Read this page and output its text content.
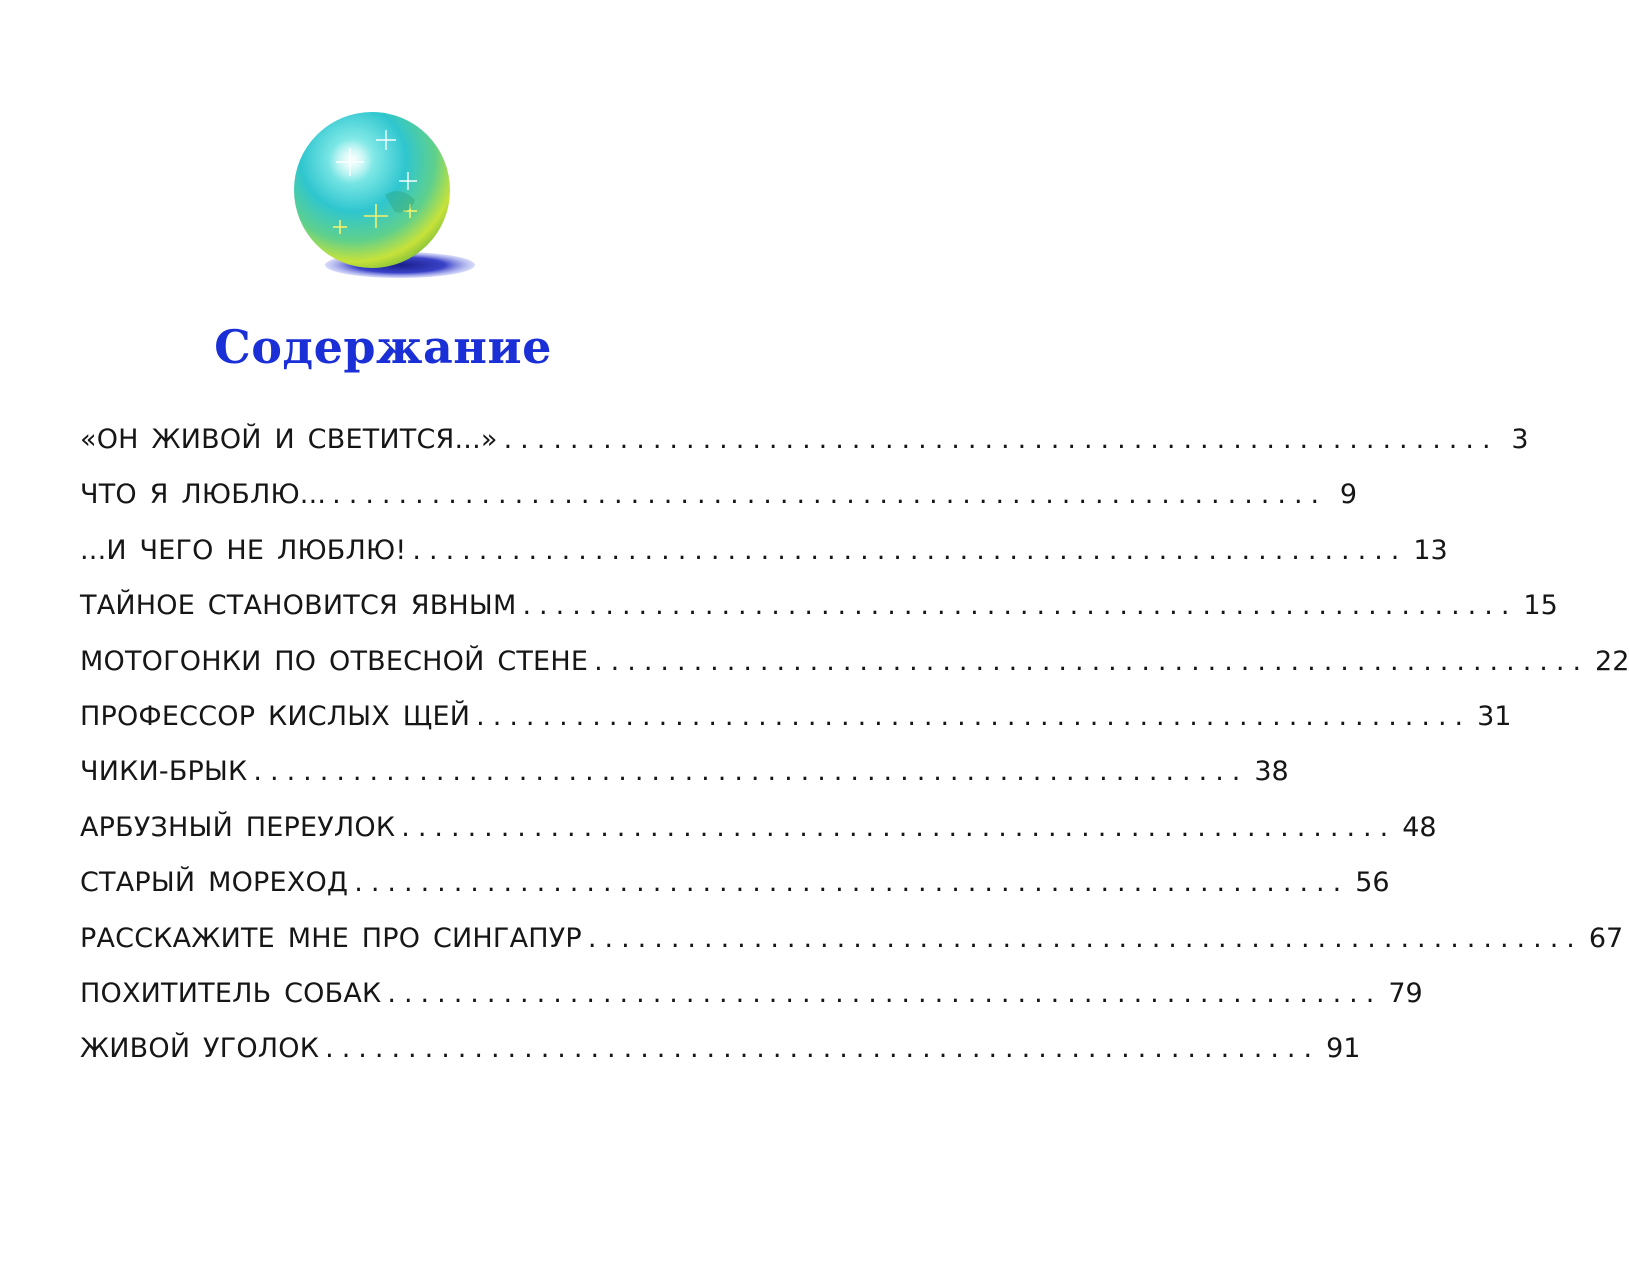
Содержание
«ОН ЖИВОЙ И СВЕТИТСЯ...» ............................................................ 3
ЧТО Я ЛЮБЛЮ... ............................................................ 9
...И ЧЕГО НЕ ЛЮБЛЮ! ............................................................ 13
ТАЙНОЕ СТАНОВИТСЯ ЯВНЫМ ............................................................ 15
МОТОГОНКИ ПО ОТВЕСНОЙ СТЕНЕ ............................................................ 22
ПРОФЕССОР КИСЛЫХ ЩЕЙ ............................................................ 31
ЧИКИ-БРЫК ............................................................ 38
АРБУЗНЫЙ ПЕРЕУЛОК ............................................................ 48
СТАРЫЙ МОРЕХОД ............................................................ 56
РАССКАЖИТЕ МНЕ ПРО СИНГАПУР ............................................................ 67
ПОХИТИТЕЛЬ СОБАК ............................................................ 79
ЖИВОЙ УГОЛОК ............................................................ 91
